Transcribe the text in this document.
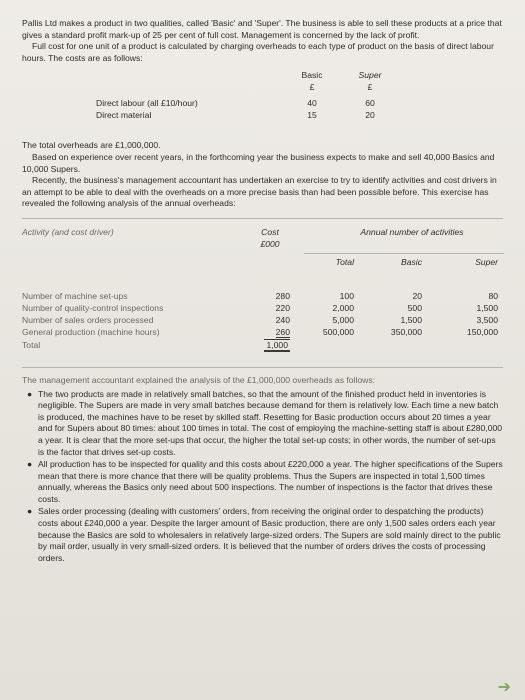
Pallis Ltd makes a product in two qualities, called 'Basic' and 'Super'. The business is able to sell these products at a price that gives a standard profit mark-up of 25 per cent of full cost. Management is concerned by the lack of profit.

Full cost for one unit of a product is calculated by charging overheads to each type of product on the basis of direct labour hours. The costs are as follows:

Basic	Super
£	£
Direct labour (all £10/hour)	40	60
Direct material	15	20

The total overheads are £1,000,000.

Based on experience over recent years, in the forthcoming year the business expects to make and sell 40,000 Basics and 10,000 Supers.

Recently, the business's management accountant has undertaken an exercise to try to identify activities and cost drivers in an attempt to be able to deal with the overheads on a more precise basis than had been possible before. This exercise has revealed the following analysis of the annual overheads:

Activity (and cost driver)	Cost
£000
Annual number of activities
Total	Basic	Super
Number of machine set-ups	280	100	20	80
Number of quality-control inspections	220	2,000	500	1,500
Number of sales orders processed	240	5,000	1,500	3,500
General production (machine hours)	260	500,000	350,000	150,000
Total	1,000

The management accountant explained the analysis of the £1,000,000 overheads as follows:

● The two products are made in relatively small batches, so that the amount of the finished product held in inventories is negligible. The Supers are made in very small batches because demand for them is relatively low. Each time a new batch is produced, the machines have to be reset by skilled staff. Resetting for Basic production occurs about 20 times a year and for Supers about 80 times: about 100 times in total. The cost of employing the machine-setting staff is about £280,000 a year. It is clear that the more set-ups that occur, the higher the total set-up costs; in other words, the number of set-ups is the factor that drives set-up costs.
● All production has to be inspected for quality and this costs about £220,000 a year. The higher specifications of the Supers mean that there is more chance that there will be quality problems. Thus the Supers are inspected in total 1,500 times annually, whereas the Basics only need about 500 inspections. The number of inspections is the factor that drives these costs.
● Sales order processing (dealing with customers' orders, from receiving the original order to despatching the products) costs about £240,000 a year. Despite the larger amount of Basic production, there are only 1,500 sales orders each year because the Basics are sold to wholesalers in relatively large-sized orders. The Supers are sold mainly direct to the public by mail order, usually in very small-sized orders. It is believed that the number of orders drives the costs of processing orders.
➔
